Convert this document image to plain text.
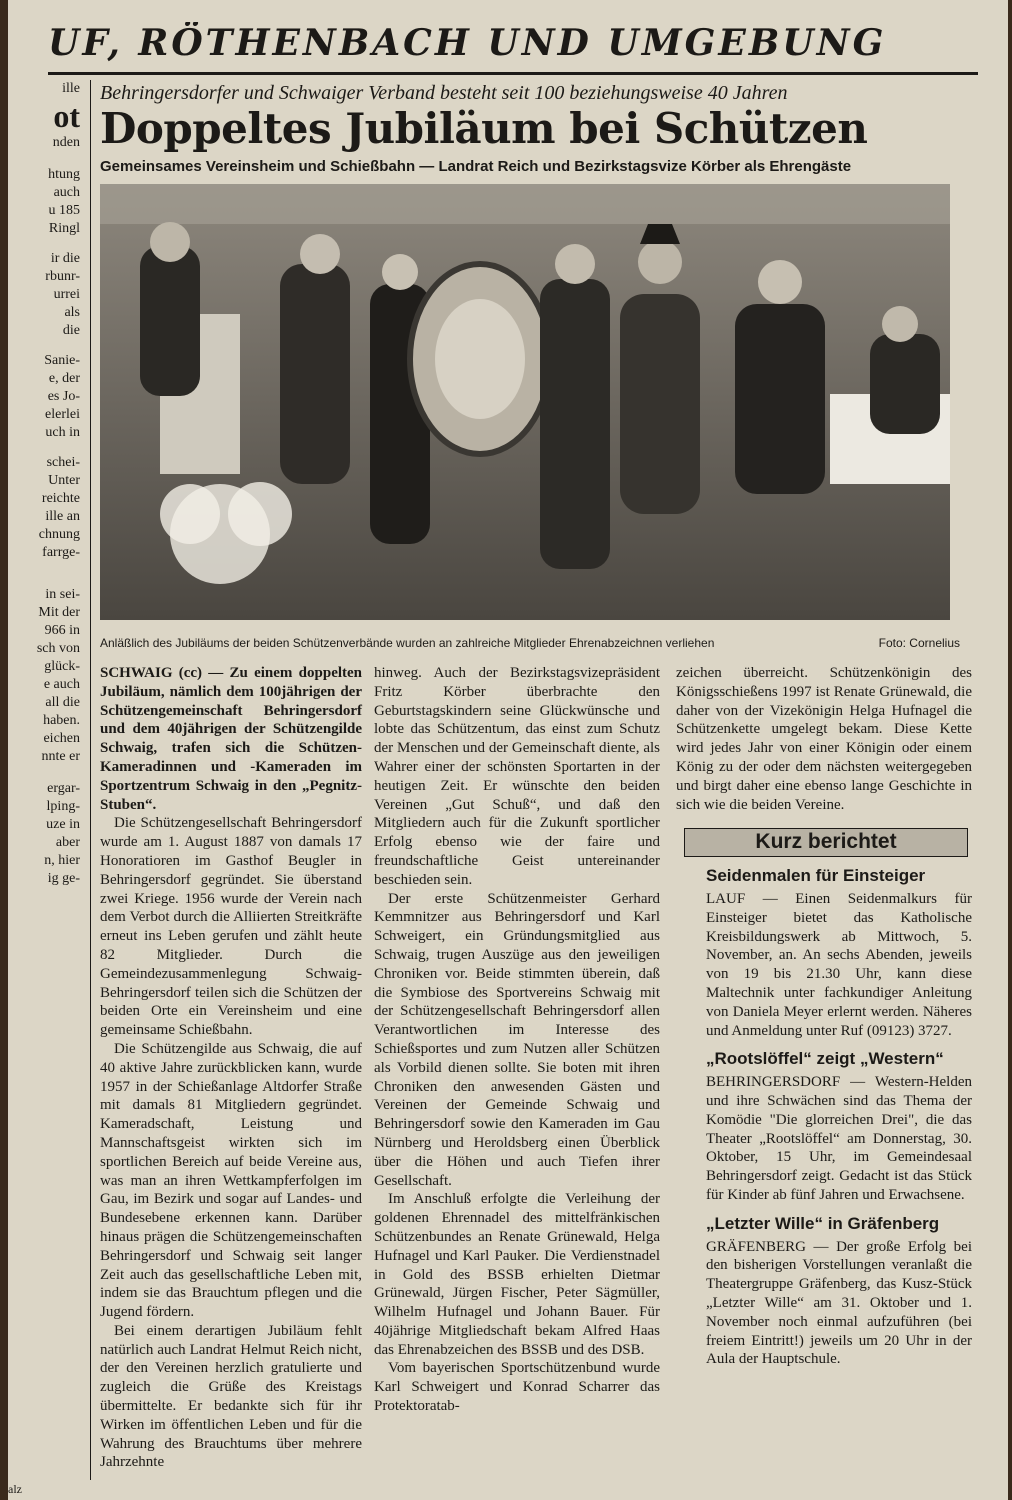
UF, RÖTHENBACH UND UMGEBUNG
ille
ot
nden
htung
auch
u 185
Ringl
ir die
rbunr-
urrei
als
die
Sanie-
e, der
es Jo-
elerlei
uch in
schei-
Unter
reichte
ille an
chnung
farrge-
in sei-
Mit der
966 in
sch von
glück-
e auch
all die
haben.
eichen
nnte er
ergar-
lping-
uze in
aber
n, hier
ig ge-
Behringersdorfer und Schwaiger Verband besteht seit 100 beziehungsweise 40 Jahren
Doppeltes Jubiläum bei Schützen
Gemeinsames Vereinsheim und Schießbahn — Landrat Reich und Bezirkstagsvize Körber als Ehrengäste
Anläßlich des Jubiläums der beiden Schützenverbände wurden an zahlreiche Mitglieder Ehrenabzeichnen verliehen	Foto: Cornelius

SCHWAIG (cc) — Zu einem doppelten Jubiläum, nämlich dem 100jährigen der Schützengemeinschaft Behringersdorf und dem 40jährigen der Schützengilde Schwaig, trafen sich die Schützen-Kameradinnen und -Kameraden im Sportzentrum Schwaig in den „Pegnitz-Stuben“.

Die Schützengesellschaft Behringersdorf wurde am 1. August 1887 von damals 17 Honoratioren im Gasthof Beugler in Behringersdorf gegründet. Sie überstand zwei Kriege. 1956 wurde der Verein nach dem Verbot durch die Alliierten Streitkräfte erneut ins Leben gerufen und zählt heute 82 Mitglieder. Durch die Gemeindezusammenlegung Schwaig-Behringersdorf teilen sich die Schützen der beiden Orte ein Vereinsheim und eine gemeinsame Schießbahn.

Die Schützengilde aus Schwaig, die auf 40 aktive Jahre zurückblicken kann, wurde 1957 in der Schießanlage Altdorfer Straße mit damals 81 Mitgliedern gegründet. Kameradschaft, Leistung und Mannschaftsgeist wirkten sich im sportlichen Bereich auf beide Vereine aus, was man an ihren Wettkampferfolgen im Gau, im Bezirk und sogar auf Landes- und Bundesebene erkennen kann. Darüber hinaus prägen die Schützengemeinschaften Behringersdorf und Schwaig seit langer Zeit auch das gesellschaftliche Leben mit, indem sie das Brauchtum pflegen und die Jugend fördern.

Bei einem derartigen Jubiläum fehlt natürlich auch Landrat Helmut Reich nicht, der den Vereinen herzlich gratulierte und zugleich die Grüße des Kreistags übermittelte. Er bedankte sich für ihr Wirken im öffentlichen Leben und für die Wahrung des Brauchtums über mehrere Jahrzehnte

hinweg. Auch der Bezirkstagsvizepräsident Fritz Körber überbrachte den Geburtstagskindern seine Glückwünsche und lobte das Schützentum, das einst zum Schutz der Menschen und der Gemeinschaft diente, als Wahrer einer der schönsten Sportarten in der heutigen Zeit. Er wünschte den beiden Vereinen „Gut Schuß“, und daß den Mitgliedern auch für die Zukunft sportlicher Erfolg ebenso wie der faire und freundschaftliche Geist untereinander beschieden sein.

Der erste Schützenmeister Gerhard Kemmnitzer aus Behringersdorf und Karl Schweigert, ein Gründungsmitglied aus Schwaig, trugen Auszüge aus den jeweiligen Chroniken vor. Beide stimmten überein, daß die Symbiose des Sportvereins Schwaig mit der Schützengesellschaft Behringersdorf allen Verantwortlichen im Interesse des Schießsportes und zum Nutzen aller Schützen als Vorbild dienen sollte. Sie boten mit ihren Chroniken den anwesenden Gästen und Vereinen der Gemeinde Schwaig und Behringersdorf sowie den Kameraden im Gau Nürnberg und Heroldsberg einen Überblick über die Höhen und auch Tiefen ihrer Gesellschaft.

Im Anschluß erfolgte die Verleihung der goldenen Ehrennadel des mittelfränkischen Schützenbundes an Renate Grünewald, Helga Hufnagel und Karl Pauker. Die Verdienstnadel in Gold des BSSB erhielten Dietmar Grünewald, Jürgen Fischer, Peter Sägmüller, Wilhelm Hufnagel und Johann Bauer. Für 40jährige Mitgliedschaft bekam Alfred Haas das Ehrenabzeichen des BSSB und des DSB.

Vom bayerischen Sportschützenbund wurde Karl Schweigert und Konrad Scharrer das Protektoratab-

zeichen überreicht. Schützenkönigin des Königsschießens 1997 ist Renate Grünewald, die daher von der Vizekönigin Helga Hufnagel die Schützenkette umgelegt bekam. Diese Kette wird jedes Jahr von einer Königin oder einem König zu der oder dem nächsten weitergegeben und birgt daher eine ebenso lange Geschichte in sich wie die beiden Vereine.

Kurz berichtet
Seidenmalen für Einsteiger

LAUF — Einen Seidenmalkurs für Einsteiger bietet das Katholische Kreisbildungswerk ab Mittwoch, 5. November, an. An sechs Abenden, jeweils von 19 bis 21.30 Uhr, kann diese Maltechnik unter fachkundiger Anleitung von Daniela Meyer erlernt werden. Näheres und Anmeldung unter Ruf (09123) 3727.

„Rootslöffel“ zeigt „Western“

BEHRINGERSDORF — Western-Helden und ihre Schwächen sind das Thema der Komödie "Die glorreichen Drei", die das Theater „Rootslöffel“ am Donnerstag, 30. Oktober, 15 Uhr, im Gemeindesaal Behringersdorf zeigt. Gedacht ist das Stück für Kinder ab fünf Jahren und Erwachsene.

„Letzter Wille“ in Gräfenberg

GRÄFENBERG — Der große Erfolg bei den bisherigen Vorstellungen veranlaßt die Theatergruppe Gräfenberg, das Kusz-Stück „Letzter Wille“ am 31. Oktober und 1. November noch einmal aufzuführen (bei freiem Eintritt!) jeweils um 20 Uhr in der Aula der Hauptschule.

alz
